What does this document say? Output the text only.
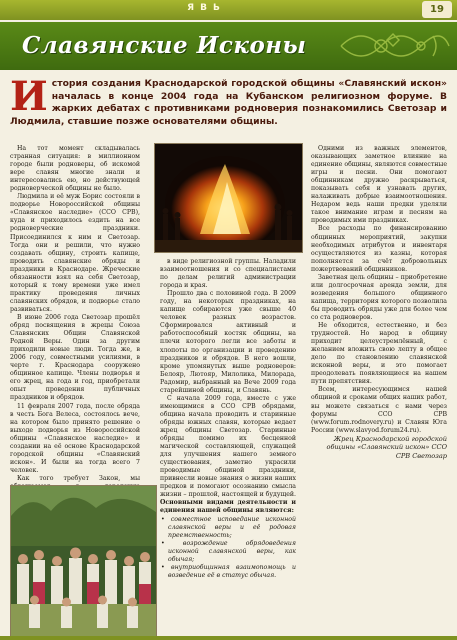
ЯВЬ	19
Славянские Исконы
История создания Краснодарской городской общины «Славянский искон» началась в конце 2004 года на Кубанском религиозном форуме. В жарких дебатах с противниками родноверия познакомились Светозар и Людмила, ставшие позже основателями общины.

На тот момент складывалась странная ситуация: в миллионном городе были родноверы, об искомой вере славян многие знали и интересовались ею, но действующей родноверческой общины не было.

Людмила и её муж Борис состояли в подворье Новороссийской общины «Славянское наследие» (ССО СРВ), куда и приходилось ездить на все родноверческие праздники. Присоединился к ним и Светозар. Тогда они и решили, что нужно создавать общину, строить капище, проводить славянские обряды и праздники в Краснодаре. Жреческие обязанности взял на себя Светозар, который к тому времени уже имел практику проведения личных славянских обрядов, и подворье стало развиваться.

В июне 2006 года Светозар прошёл обряд посвящения в жрецы Союза Славянских Общин Славянской Родной Веры. Один за другим приходили новые люди. Тогда же, в 2006 году, совместными усилиями, в черте г. Краснодара сооружено общинное капище. Члены подворья и его жрец, на года и год, приобретали опыт проведения публичных праздников и обрядов.

11 февраля 2007 года, после обряда в честь Бога Велеса, состоялось вече, на котором было принято решение о выходе подворья из Новороссийской общины «Славянское наследие» и создании на её основе Краснодарской городской общины «Славянский искон». И были на тогда всего 7 человек.

Как того требует Закон, мы

в виде религиозной группы. Наладили взаимоотношения и со специалистами по делам религий администрации города и края.

Прошло два с половиной года. В 2009 году, на некоторых праздниках, на капище собираются уже свыше 40 человек разных возрастов. Сформировался активный и работоспособный костяк общины, на плечи которого легли все заботы и хлопоты по организации и проведению праздников и обрядов. В него вошли, кроме упомянутых выше родноверов: Белояр, Лютояр, Милолика, Милорада, Радомир, выбранный на Вече 2009 года старейшиной общины, и Славянь.

С начала 2009 года, вместе с уже имеющимися в ССО СРВ обрядами, община начала проводить и старинные обряды южных славян, которые ведает жрец общины Светозар. Старинные обряды помимо их бесценной магической составляющей, служащей для улучшения нашего земного существования, заметно украсили проводимые общиной праздники, привнесли новые знания о жизни наших предков и помогают осознанию смысла жизни – прошлой, настоящей и будущей.

Основными видами деятельности и единения нашей общины являются:

• совместное исповедание исконной славянской веры и её родовая преемственность;
• возрождение обрядоведения исконной славянской веры, как обычая;
• внутриобщинная взаимопомощь и возведение её в статус обычая.

Одними из важных элементов, оказывающих заметное влияние на единение общины, являются совместные игры и песни. Они помогают общинникам дружно раскрываться, показывать себя и узнавать других, налаживать добрые взаимоотношения. Недаром ведь наши предки уделяли такое внимание играм и песням на проводимых ими праздниках.

Все расходы по финансированию общинных мероприятий, закупки необходимых атрибутов и инвентаря осуществляются из казны, которая пополняется за счёт добровольных пожертвований общинников.

Заветная цель общины – приобретение или долгосрочная аренда земли, для возведения большого общинного капища, территория которого позволила бы проводить обряды уже для более чем со ста родноверов.

Не обходится, естественно, и без трудностей. Но народ в общину приходит целеустремлённый, с желанием вложить свою лепту в общее дело по становлению славянской исконной веры, и это помогает преодолевать появляющиеся на нашем пути препятствия.

Всем, интересующимся нашей общиной и сроками общих наших работ, вы можете связаться с нами через форумы ССО СРВ (www.forum.rodnovery.ru) и Славян Юга России (www.slavyod.forum24.ru).

Жрец Краснодарской городской общины «Славянский искон» ССО СРВ Светозар
